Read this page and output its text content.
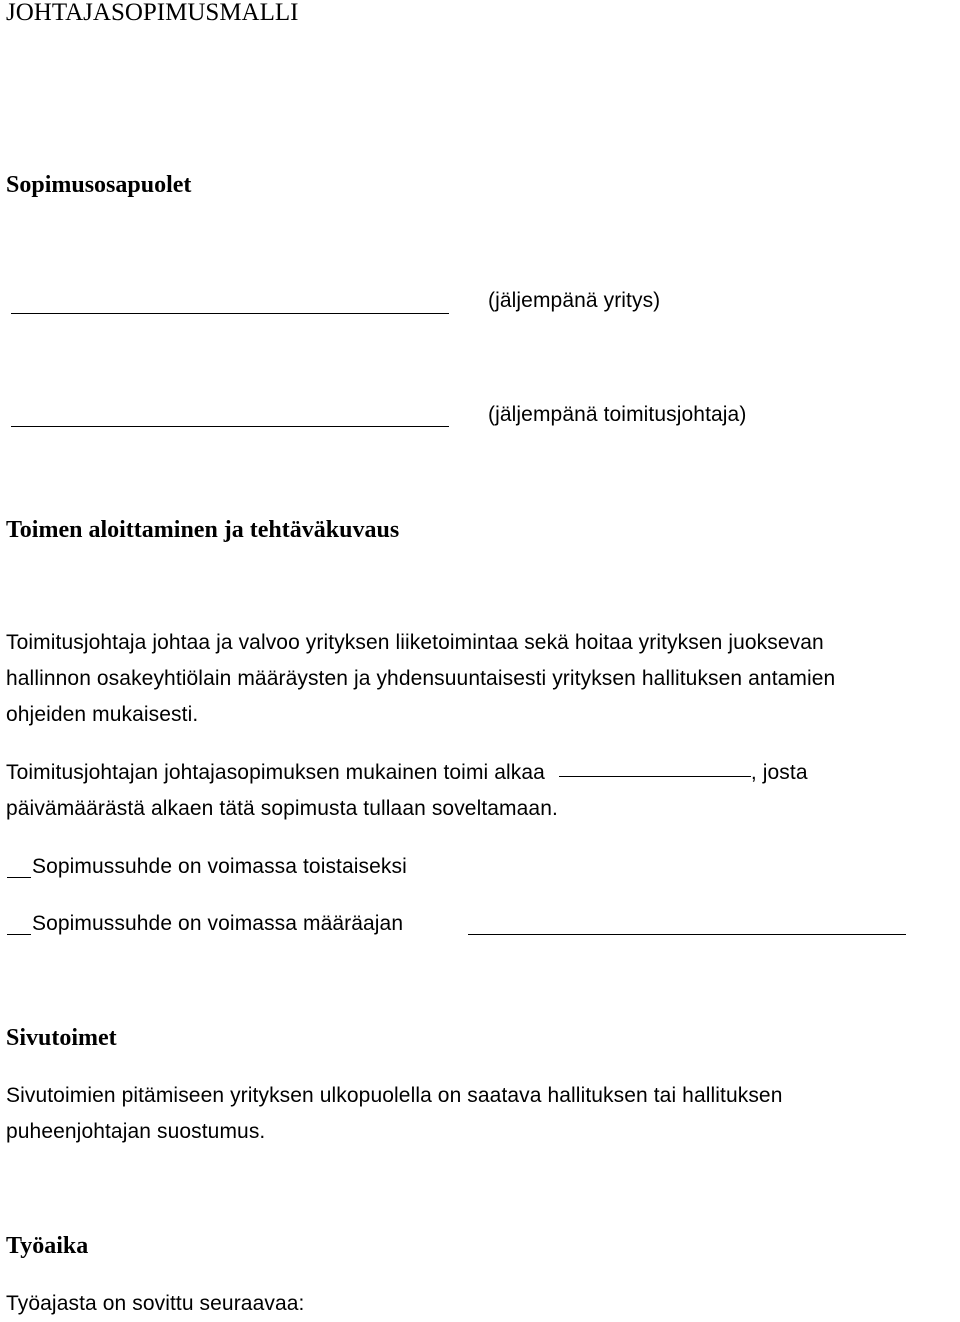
JOHTAJASOPIMUSMALLI
Sopimusosapuolet
(jäljempänä yritys)
(jäljempänä toimitusjohtaja)
Toimen aloittaminen ja tehtäväkuvaus
Toimitusjohtaja johtaa ja valvoo yrityksen liiketoimintaa sekä hoitaa yrityksen juoksevan
hallinnon osakeyhtiölain määräysten ja yhdensuuntaisesti yrityksen hallituksen antamien
ohjeiden mukaisesti.
Toimitusjohtajan johtajasopimuksen mukainen toimi alkaa	, josta
päivämäärästä alkaen tätä sopimusta tullaan soveltamaan.
Sopimussuhde on voimassa toistaiseksi
Sopimussuhde on voimassa määräajan
Sivutoimet
Sivutoimien pitämiseen yrityksen ulkopuolella on saatava hallituksen tai hallituksen
puheenjohtajan suostumus.
Työaika
Työajasta on sovittu seuraavaa:
